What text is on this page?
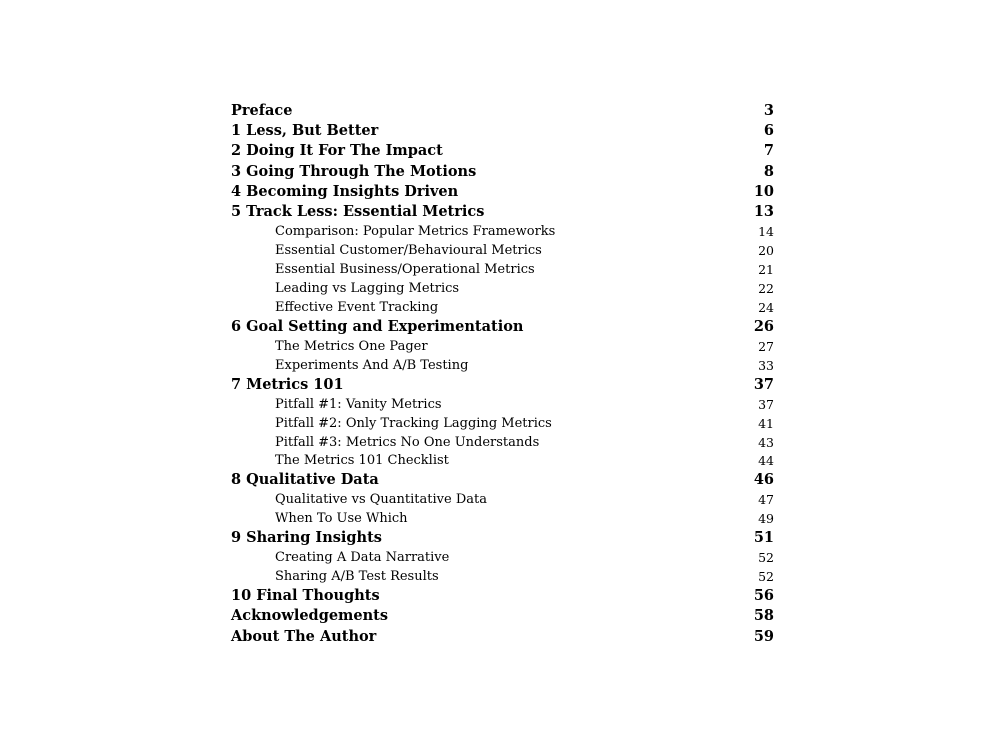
Preface	3
1 Less, But Better	6
2 Doing It For The Impact	7
3 Going Through The Motions	8
4 Becoming Insights Driven	10
5 Track Less: Essential Metrics	13
Comparison: Popular Metrics Frameworks	14
Essential Customer/Behavioural Metrics	20
Essential Business/Operational Metrics	21
Leading vs Lagging Metrics	22
Effective Event Tracking	24
6 Goal Setting and Experimentation	26
The Metrics One Pager	27
Experiments And A/B Testing	33
7 Metrics 101	37
Pitfall #1: Vanity Metrics	37
Pitfall #2: Only Tracking Lagging Metrics	41
Pitfall #3: Metrics No One Understands	43
The Metrics 101 Checklist	44
8 Qualitative Data	46
Qualitative vs Quantitative Data	47
When To Use Which	49
9 Sharing Insights	51
Creating A Data Narrative	52
Sharing A/B Test Results	52
10 Final Thoughts	56
Acknowledgements	58
About The Author	59
